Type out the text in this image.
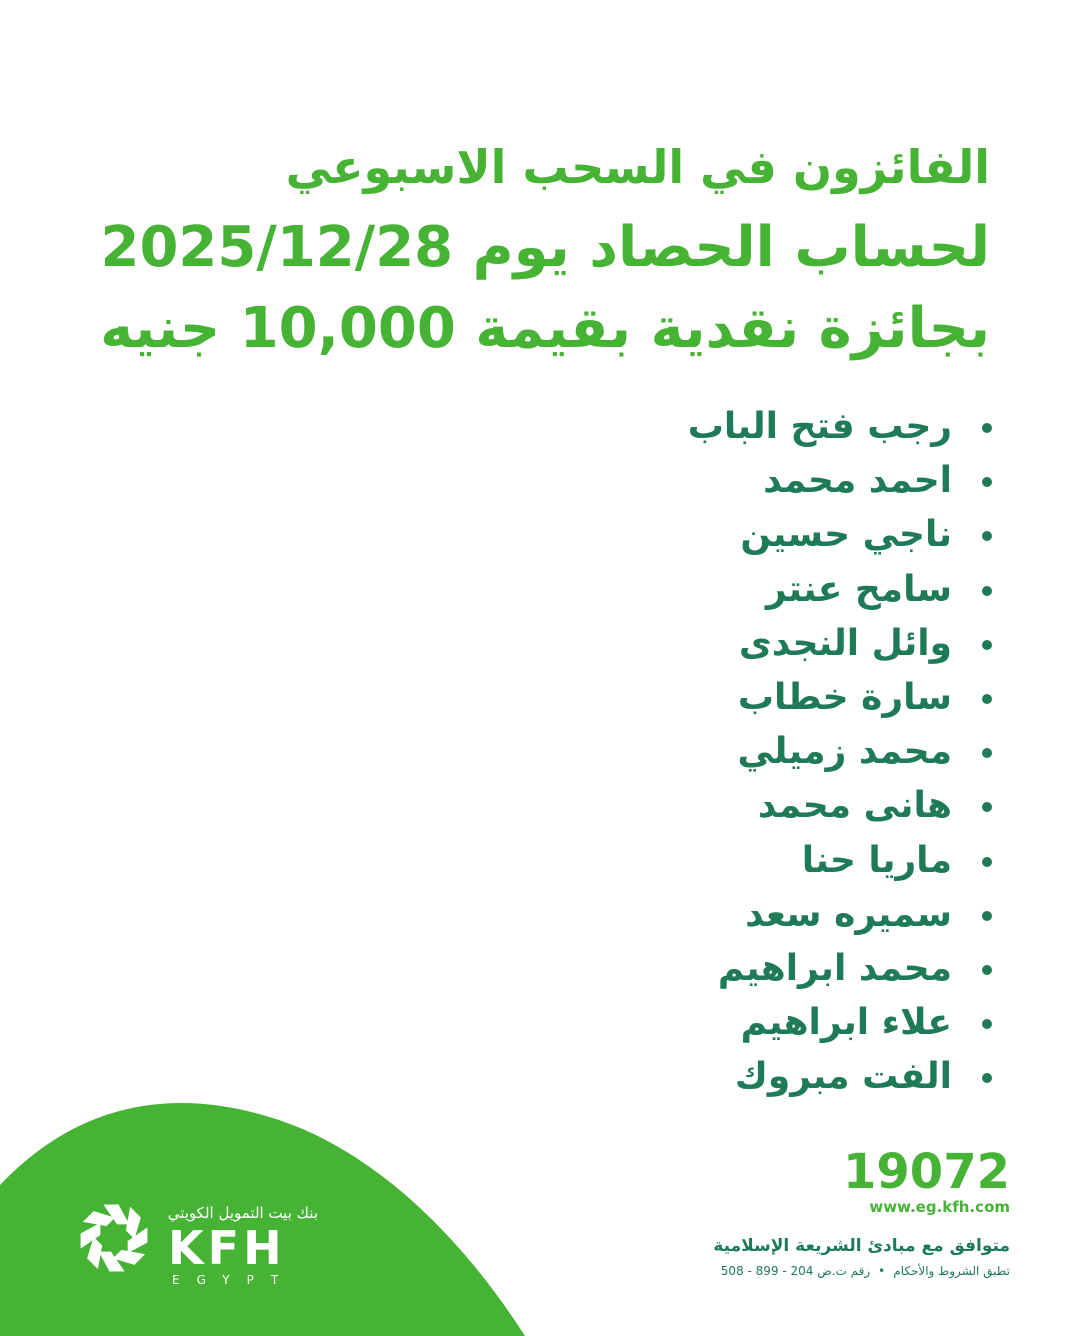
الفائزون في السحب الاسبوعي
لحساب الحصاد يوم 2025/12/28
بجائزة نقدية بقيمة 10,000 جنيه
رجب فتح الباب
احمد محمد
ناجي حسين
سامح عنتر
وائل النجدى
سارة خطاب
محمد زميلي
هانى محمد
ماريا حنا
سميره سعد
محمد ابراهيم
علاء ابراهيم
الفت مبروك
بنك بيت التمويل الكويتي
KFH
EGYPT
19072
www.eg.kfh.com
متوافق مع مبادئ الشريعة الإسلامية
تطبق الشروط والأحكام•رقم ت.ض 508 - 899 - 204
